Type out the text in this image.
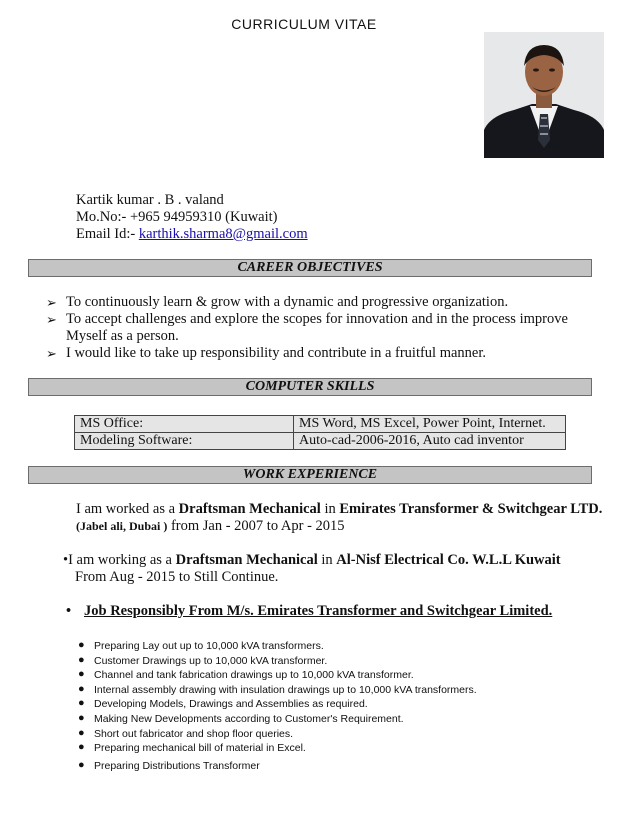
CURRICULUM VITAE
Kartik kumar . B . valand
Mo.No:- +965 94959310 (Kuwait)
Email Id:- karthik.sharma8@gmail.com
CAREER OBJECTIVES
➢ To continuously learn & grow with a dynamic and progressive organization.
➢ To accept challenges and explore the scopes for innovation and in the process improve Myself as a person.
➢ I would like to take up responsibility and contribute in a fruitful manner.
COMPUTER SKILLS
MS Office:	MS Word, MS Excel, Power Point, Internet.
Modeling Software:	Auto-cad-2006-2016, Auto cad inventor
WORK EXPERIENCE
I am worked as a Draftsman Mechanical in Emirates Transformer & Switchgear LTD.
(Jabel ali, Dubai ) from Jan - 2007 to Apr - 2015
•I am working as a Draftsman Mechanical in Al-Nisf Electrical Co. W.L.L Kuwait
From Aug - 2015 to Still Continue.
• Job Responsibly From M/s. Emirates Transformer and Switchgear Limited.
● Preparing Lay out up to 10,000 kVA transformers.
● Customer Drawings up to 10,000 kVA transformer.
● Channel and tank fabrication drawings up to 10,000 kVA transformer.
● Internal assembly drawing with insulation drawings up to 10,000 kVA transformers.
● Developing Models, Drawings and Assemblies as required.
● Making New Developments according to Customer's Requirement.
● Short out fabricator and shop floor queries.
● Preparing mechanical bill of material in Excel.
● Preparing Distributions Transformer
